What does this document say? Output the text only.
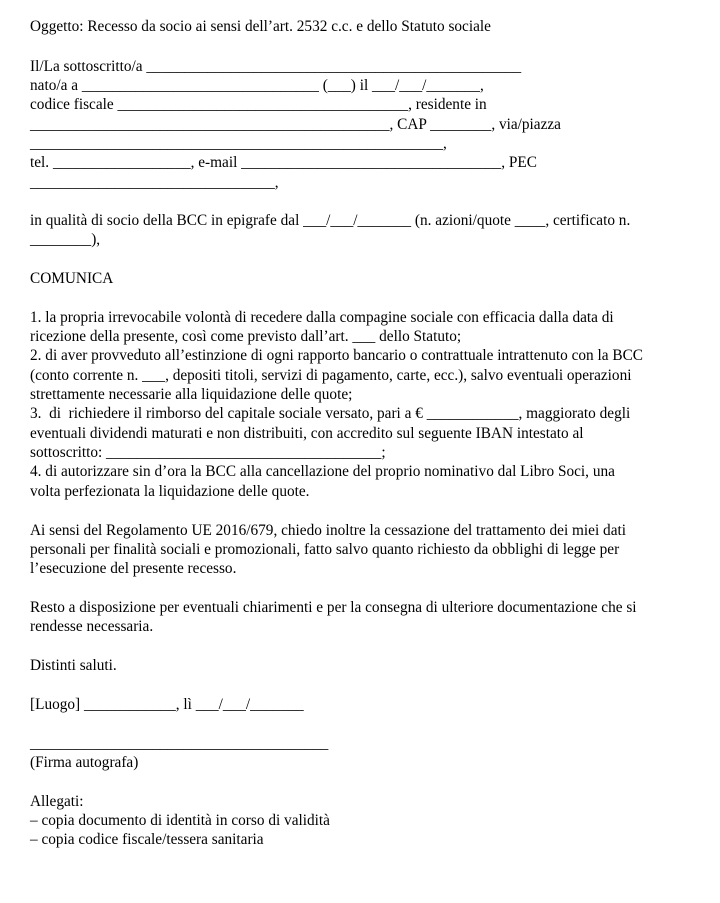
Oggetto: Recesso da socio ai sensi dell’art. 2532 c.c. e dello Statuto sociale
Il/La sottoscritto/a _________________________________________________
nato/a a _______________________________ (___) il ___/___/_______,
codice fiscale ______________________________________, residente in
_______________________________________________, CAP ________, via/piazza
______________________________________________________,
tel. __________________, e-mail __________________________________, PEC
________________________________,
in qualità di socio della BCC in epigrafe dal ___/___/_______ (n. azioni/quote ____, certificato n.
________),
COMUNICA
1. la propria irrevocabile volontà di recedere dalla compagine sociale con efficacia dalla data di
ricezione della presente, così come previsto dall’art. ___ dello Statuto;
2. di aver provveduto all’estinzione di ogni rapporto bancario o contrattuale intrattenuto con la BCC
(conto corrente n. ___, depositi titoli, servizi di pagamento, carte, ecc.), salvo eventuali operazioni
strettamente necessarie alla liquidazione delle quote;
3.  di  richiedere il rimborso del capitale sociale versato, pari a € ____________, maggiorato degli
eventuali dividendi maturati e non distribuiti, con accredito sul seguente IBAN intestato al
sottoscritto: ____________________________________;
4. di autorizzare sin d’ora la BCC alla cancellazione del proprio nominativo dal Libro Soci, una
volta perfezionata la liquidazione delle quote.
Ai sensi del Regolamento UE 2016/679, chiedo inoltre la cessazione del trattamento dei miei dati
personali per finalità sociali e promozionali, fatto salvo quanto richiesto da obblighi di legge per
l’esecuzione del presente recesso.
Resto a disposizione per eventuali chiarimenti e per la consegna di ulteriore documentazione che si
rendesse necessaria.
Distinti saluti.
[Luogo] ____________, lì ___/___/_______
_______________________________________
(Firma autografa)
Allegati:
– copia documento di identità in corso di validità
– copia codice fiscale/tessera sanitaria
